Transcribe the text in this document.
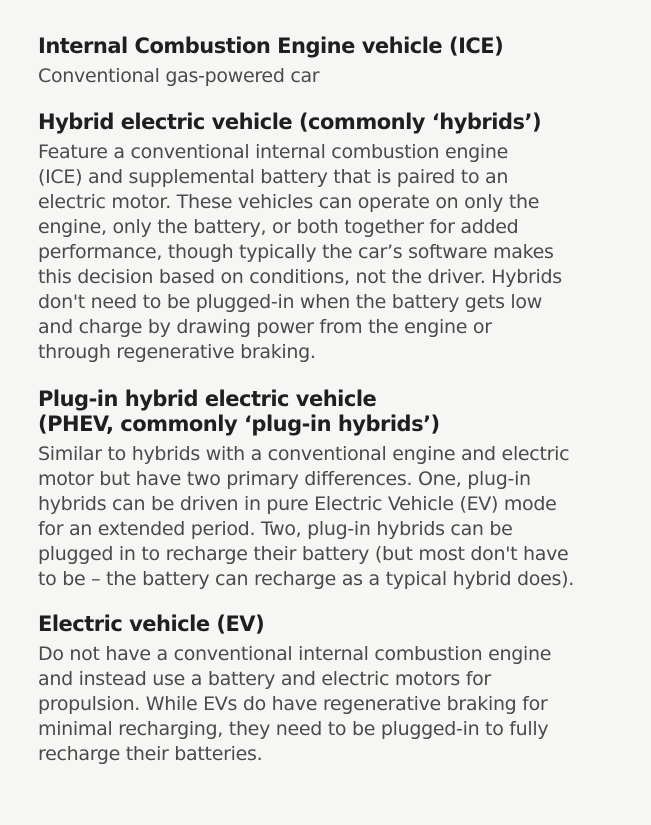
Internal Combustion Engine vehicle (ICE)

Conventional gas-powered car

Hybrid electric vehicle (commonly ‘hybrids’)

Feature a conventional internal combustion engine
(ICE) and supplemental battery that is paired to an
electric motor. These vehicles can operate on only the
engine, only the battery, or both together for added
performance, though typically the car’s software makes
this decision based on conditions, not the driver. Hybrids
don't need to be plugged-in when the battery gets low
and charge by drawing power from the engine or
through regenerative braking.

Plug-in hybrid electric vehicle
(PHEV, commonly ‘plug-in hybrids’)

Similar to hybrids with a conventional engine and electric
motor but have two primary differences. One, plug-in
hybrids can be driven in pure Electric Vehicle (EV) mode
for an extended period. Two, plug-in hybrids can be
plugged in to recharge their battery (but most don't have
to be – the battery can recharge as a typical hybrid does).

Electric vehicle (EV)

Do not have a conventional internal combustion engine
and instead use a battery and electric motors for
propulsion. While EVs do have regenerative braking for
minimal recharging, they need to be plugged-in to fully
recharge their batteries.
